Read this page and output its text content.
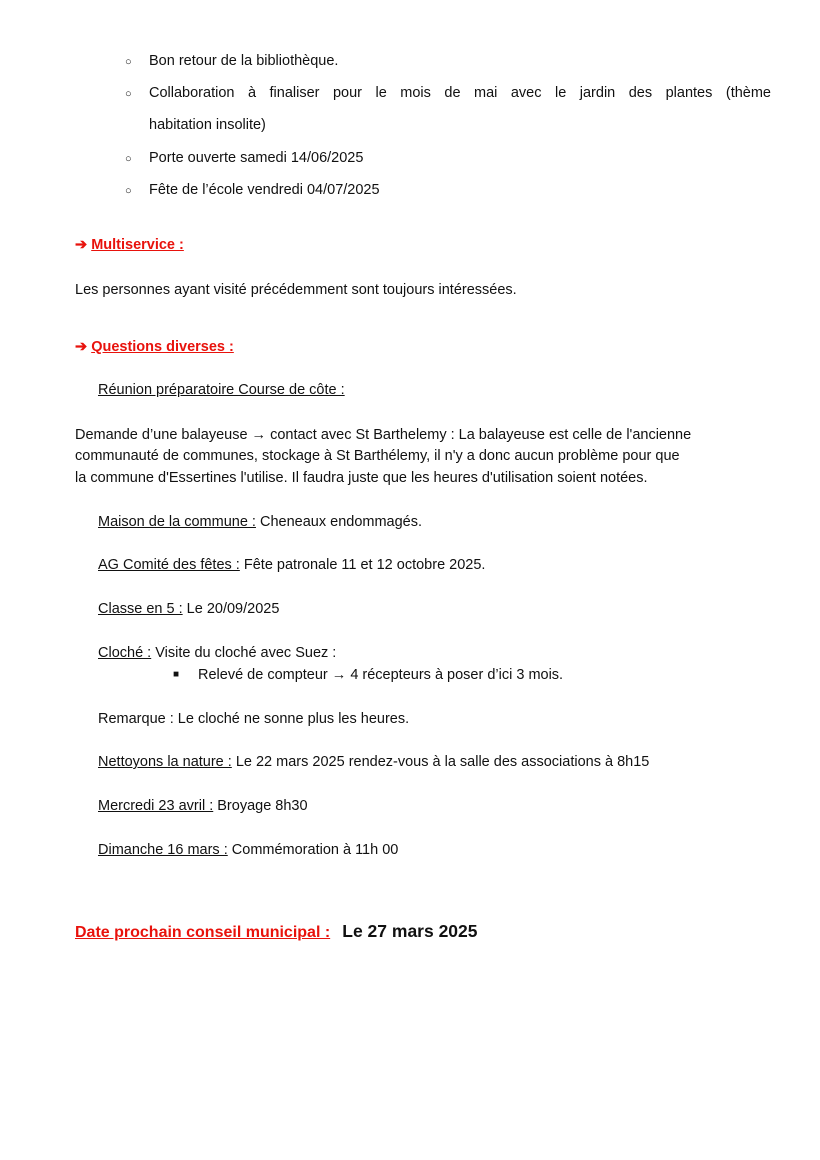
○ Bon retour de la bibliothèque.
○ Collaboration à finaliser pour le mois de mai avec le jardin des plantes (thème
habitation insolite)
○ Porte ouverte samedi 14/06/2025
○ Fête de l’école vendredi 04/07/2025
➔ Multiservice :
Les personnes ayant visité précédemment sont toujours intéressées.
➔ Questions diverses :
Réunion préparatoire Course de côte :
Demande d’une balayeuse → contact avec St Barthelemy : La balayeuse est celle de l'ancienne
communauté de communes, stockage à St Barthélemy, il n'y a donc aucun problème pour que
la commune d'Essertines l'utilise. Il faudra juste que les heures d'utilisation soient notées.
Maison de la commune : Cheneaux endommagés.
AG Comité des fêtes : Fête patronale 11 et 12 octobre 2025.
Classe en 5 : Le 20/09/2025
Cloché : Visite du cloché avec Suez :
■ Relevé de compteur → 4 récepteurs à poser d’ici 3 mois.
Remarque : Le cloché ne sonne plus les heures.
Nettoyons la nature : Le 22 mars 2025 rendez-vous à la salle des associations à 8h15
Mercredi 23 avril : Broyage 8h30
Dimanche 16 mars : Commémoration à 11h 00
Date prochain conseil municipal : Le 27 mars 2025
